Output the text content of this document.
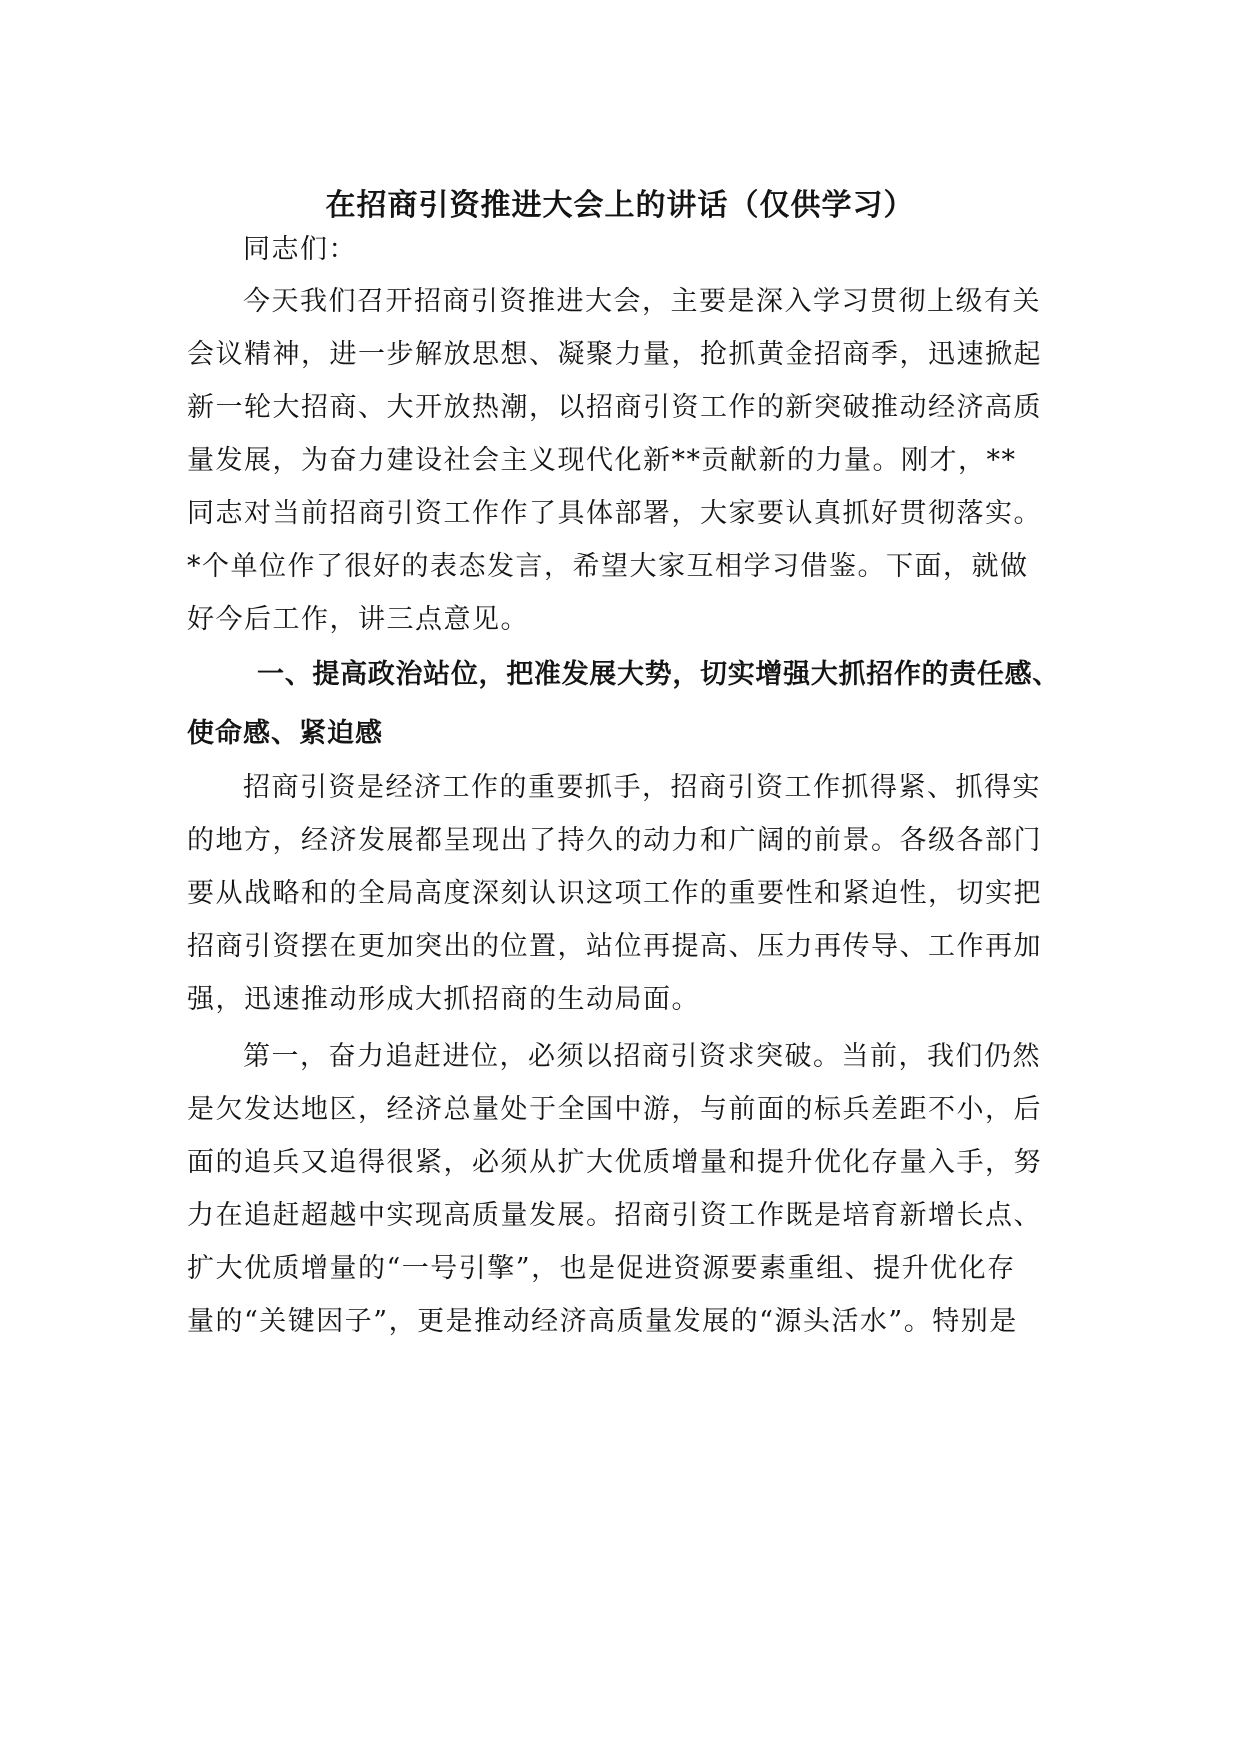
在招商引资推进大会上的讲话（仅供学习）
同志们：
今天我们召开招商引资推进大会，主要是深入学习贯彻上级有关
会议精神，进一步解放思想、凝聚力量，抢抓黄金招商季，迅速掀起
新一轮大招商、大开放热潮，以招商引资工作的新突破推动经济高质
量发展，为奋力建设社会主义现代化新**贡献新的力量。刚才，**
同志对当前招商引资工作作了具体部署，大家要认真抓好贯彻落实。
*个单位作了很好的表态发言，希望大家互相学习借鉴。下面，就做
好今后工作，讲三点意见。
一、提高政治站位，把准发展大势，切实增强大抓招作的责任感、
使命感、紧迫感
招商引资是经济工作的重要抓手，招商引资工作抓得紧、抓得实
的地方，经济发展都呈现出了持久的动力和广阔的前景。各级各部门
要从战略和的全局高度深刻认识这项工作的重要性和紧迫性，切实把
招商引资摆在更加突出的位置，站位再提高、压力再传导、工作再加
强，迅速推动形成大抓招商的生动局面。
第一，奋力追赶进位，必须以招商引资求突破。当前，我们仍然
是欠发达地区，经济总量处于全国中游，与前面的标兵差距不小，后
面的追兵又追得很紧，必须从扩大优质增量和提升优化存量入手，努
力在追赶超越中实现高质量发展。招商引资工作既是培育新增长点、
扩大优质增量的“一号引擎”，也是促进资源要素重组、提升优化存
量的“关键因子”，更是推动经济高质量发展的“源头活水”。特别是
